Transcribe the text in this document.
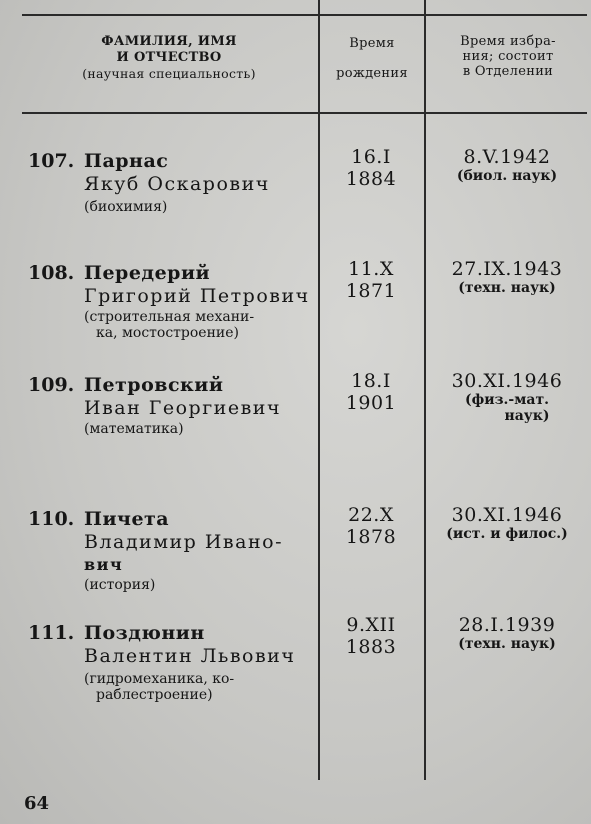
ФАМИЛИЯ, ИМЯ
И ОТЧЕСТВО
(научная специальность)
Время
рождения
Время избра-
ния; состоит
в Отделении
107. Парнас
Якуб Оскарович
(биохимия)
16.I
1884
8.V.1942
(биол. наук)
108. Передерий
Григорий Петрович
(строительная механи-
ка, мостостроение)
11.X
1871
27.IX.1943
(техн. наук)
109. Петровский
Иван Георгиевич
(математика)
18.I
1901
30.XI.1946
(физ.-мат.
наук)
110. Пичета
Владимир Ивано-
вич
(история)
22.X
1878
30.XI.1946
(ист. и филос.)
111. Поздюнин
Валентин Львович
(гидромеханика, ко-
раблестроение)
9.XII
1883
28.I.1939
(техн. наук)
64
